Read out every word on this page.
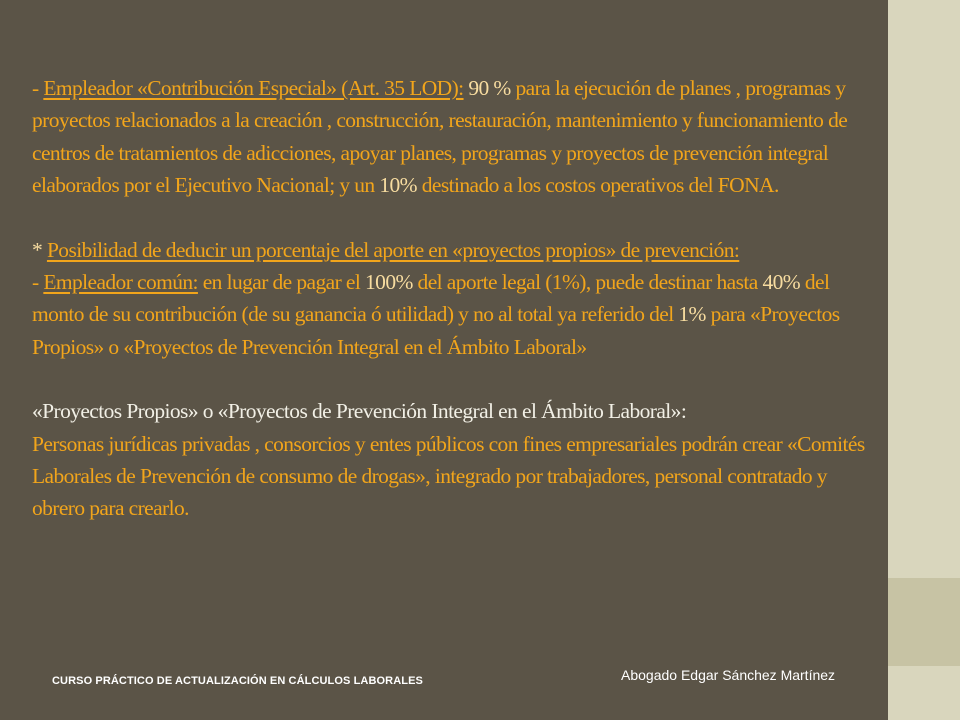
- Empleador «Contribución Especial» (Art. 35 LOD): 90 % para la ejecución de planes , programas y proyectos relacionados a la creación , construcción, restauración, mantenimiento y funcionamiento de centros de tratamientos de adicciones, apoyar planes, programas y proyectos de prevención integral elaborados por el Ejecutivo Nacional; y un 10% destinado a los costos operativos del FONA.

* Posibilidad de deducir un porcentaje del aporte en «proyectos propios» de prevención:

- Empleador común: en lugar de pagar el 100% del aporte legal (1%), puede destinar hasta 40% del monto de su contribución (de su ganancia ó utilidad) y no al total ya referido del 1% para «Proyectos Propios» o «Proyectos de Prevención Integral en el Ámbito Laboral»

«Proyectos Propios» o «Proyectos de Prevención Integral en el Ámbito Laboral»:

Personas jurídicas privadas , consorcios y entes públicos con fines empresariales podrán crear «Comités Laborales de Prevención de consumo de drogas», integrado por trabajadores, personal contratado y obrero para crearlo.

CURSO PRÁCTICO DE ACTUALIZACIÓN EN CÁLCULOS LABORALES	Abogado Edgar Sánchez Martínez
